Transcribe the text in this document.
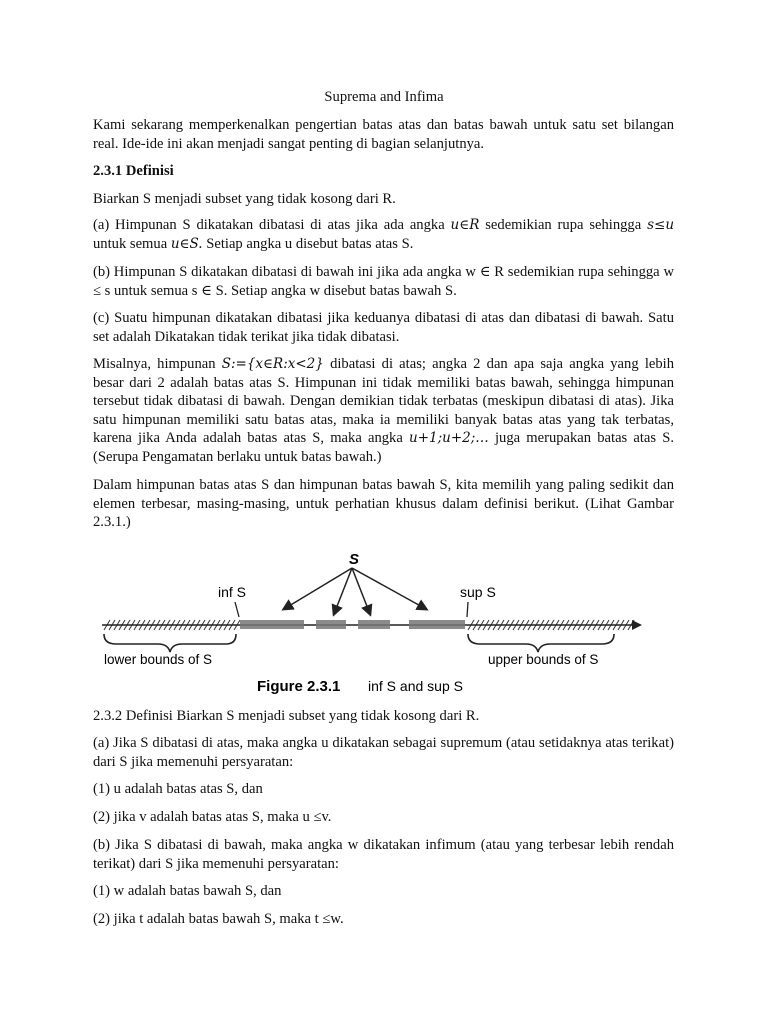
Suprema and Infima
Kami sekarang memperkenalkan pengertian batas atas dan batas bawah untuk satu set bilangan real. Ide-ide ini akan menjadi sangat penting di bagian selanjutnya.
2.3.1 Definisi
Biarkan S menjadi subset yang tidak kosong dari R.
(a) Himpunan S dikatakan dibatasi di atas jika ada angka u∈R sedemikian rupa sehingga s≤u untuk semua u∈S. Setiap angka u disebut batas atas S.
(b) Himpunan S dikatakan dibatasi di bawah ini jika ada angka w ∈ R sedemikian rupa sehingga w ≤ s untuk semua s ∈ S. Setiap angka w disebut batas bawah S.
(c) Suatu himpunan dikatakan dibatasi jika keduanya dibatasi di atas dan dibatasi di bawah. Satu set adalah Dikatakan tidak terikat jika tidak dibatasi.
Misalnya, himpunan S:={x∈R:x<2} dibatasi di atas; angka 2 dan apa saja angka yang lebih besar dari 2 adalah batas atas S. Himpunan ini tidak memiliki batas bawah, sehingga himpunan tersebut tidak dibatasi di bawah. Dengan demikian tidak terbatas (meskipun dibatasi di atas). Jika satu himpunan memiliki satu batas atas, maka ia memiliki banyak batas atas yang tak terbatas, karena jika Anda adalah batas atas S, maka angka u+1;u+2;… juga merupakan batas atas S. (Serupa Pengamatan berlaku untuk batas bawah.)
Dalam himpunan batas atas S dan himpunan batas bawah S, kita memilih yang paling sedikit dan elemen terbesar, masing-masing, untuk perhatian khusus dalam definisi berikut. (Lihat Gambar 2.3.1.)
S
inf S	sup S
lower bounds of S	upper bounds of S
Figure 2.3.1 inf S and sup S
2.3.2 Definisi Biarkan S menjadi subset yang tidak kosong dari R.
(a) Jika S dibatasi di atas, maka angka u dikatakan sebagai supremum (atau setidaknya atas terikat) dari S jika memenuhi persyaratan:
(1) u adalah batas atas S, dan
(2) jika v adalah batas atas S, maka u ≤v.
(b) Jika S dibatasi di bawah, maka angka w dikatakan infimum (atau yang terbesar lebih rendah terikat) dari S jika memenuhi persyaratan:
(1) w adalah batas bawah S, dan
(2) jika t adalah batas bawah S, maka t ≤w.
